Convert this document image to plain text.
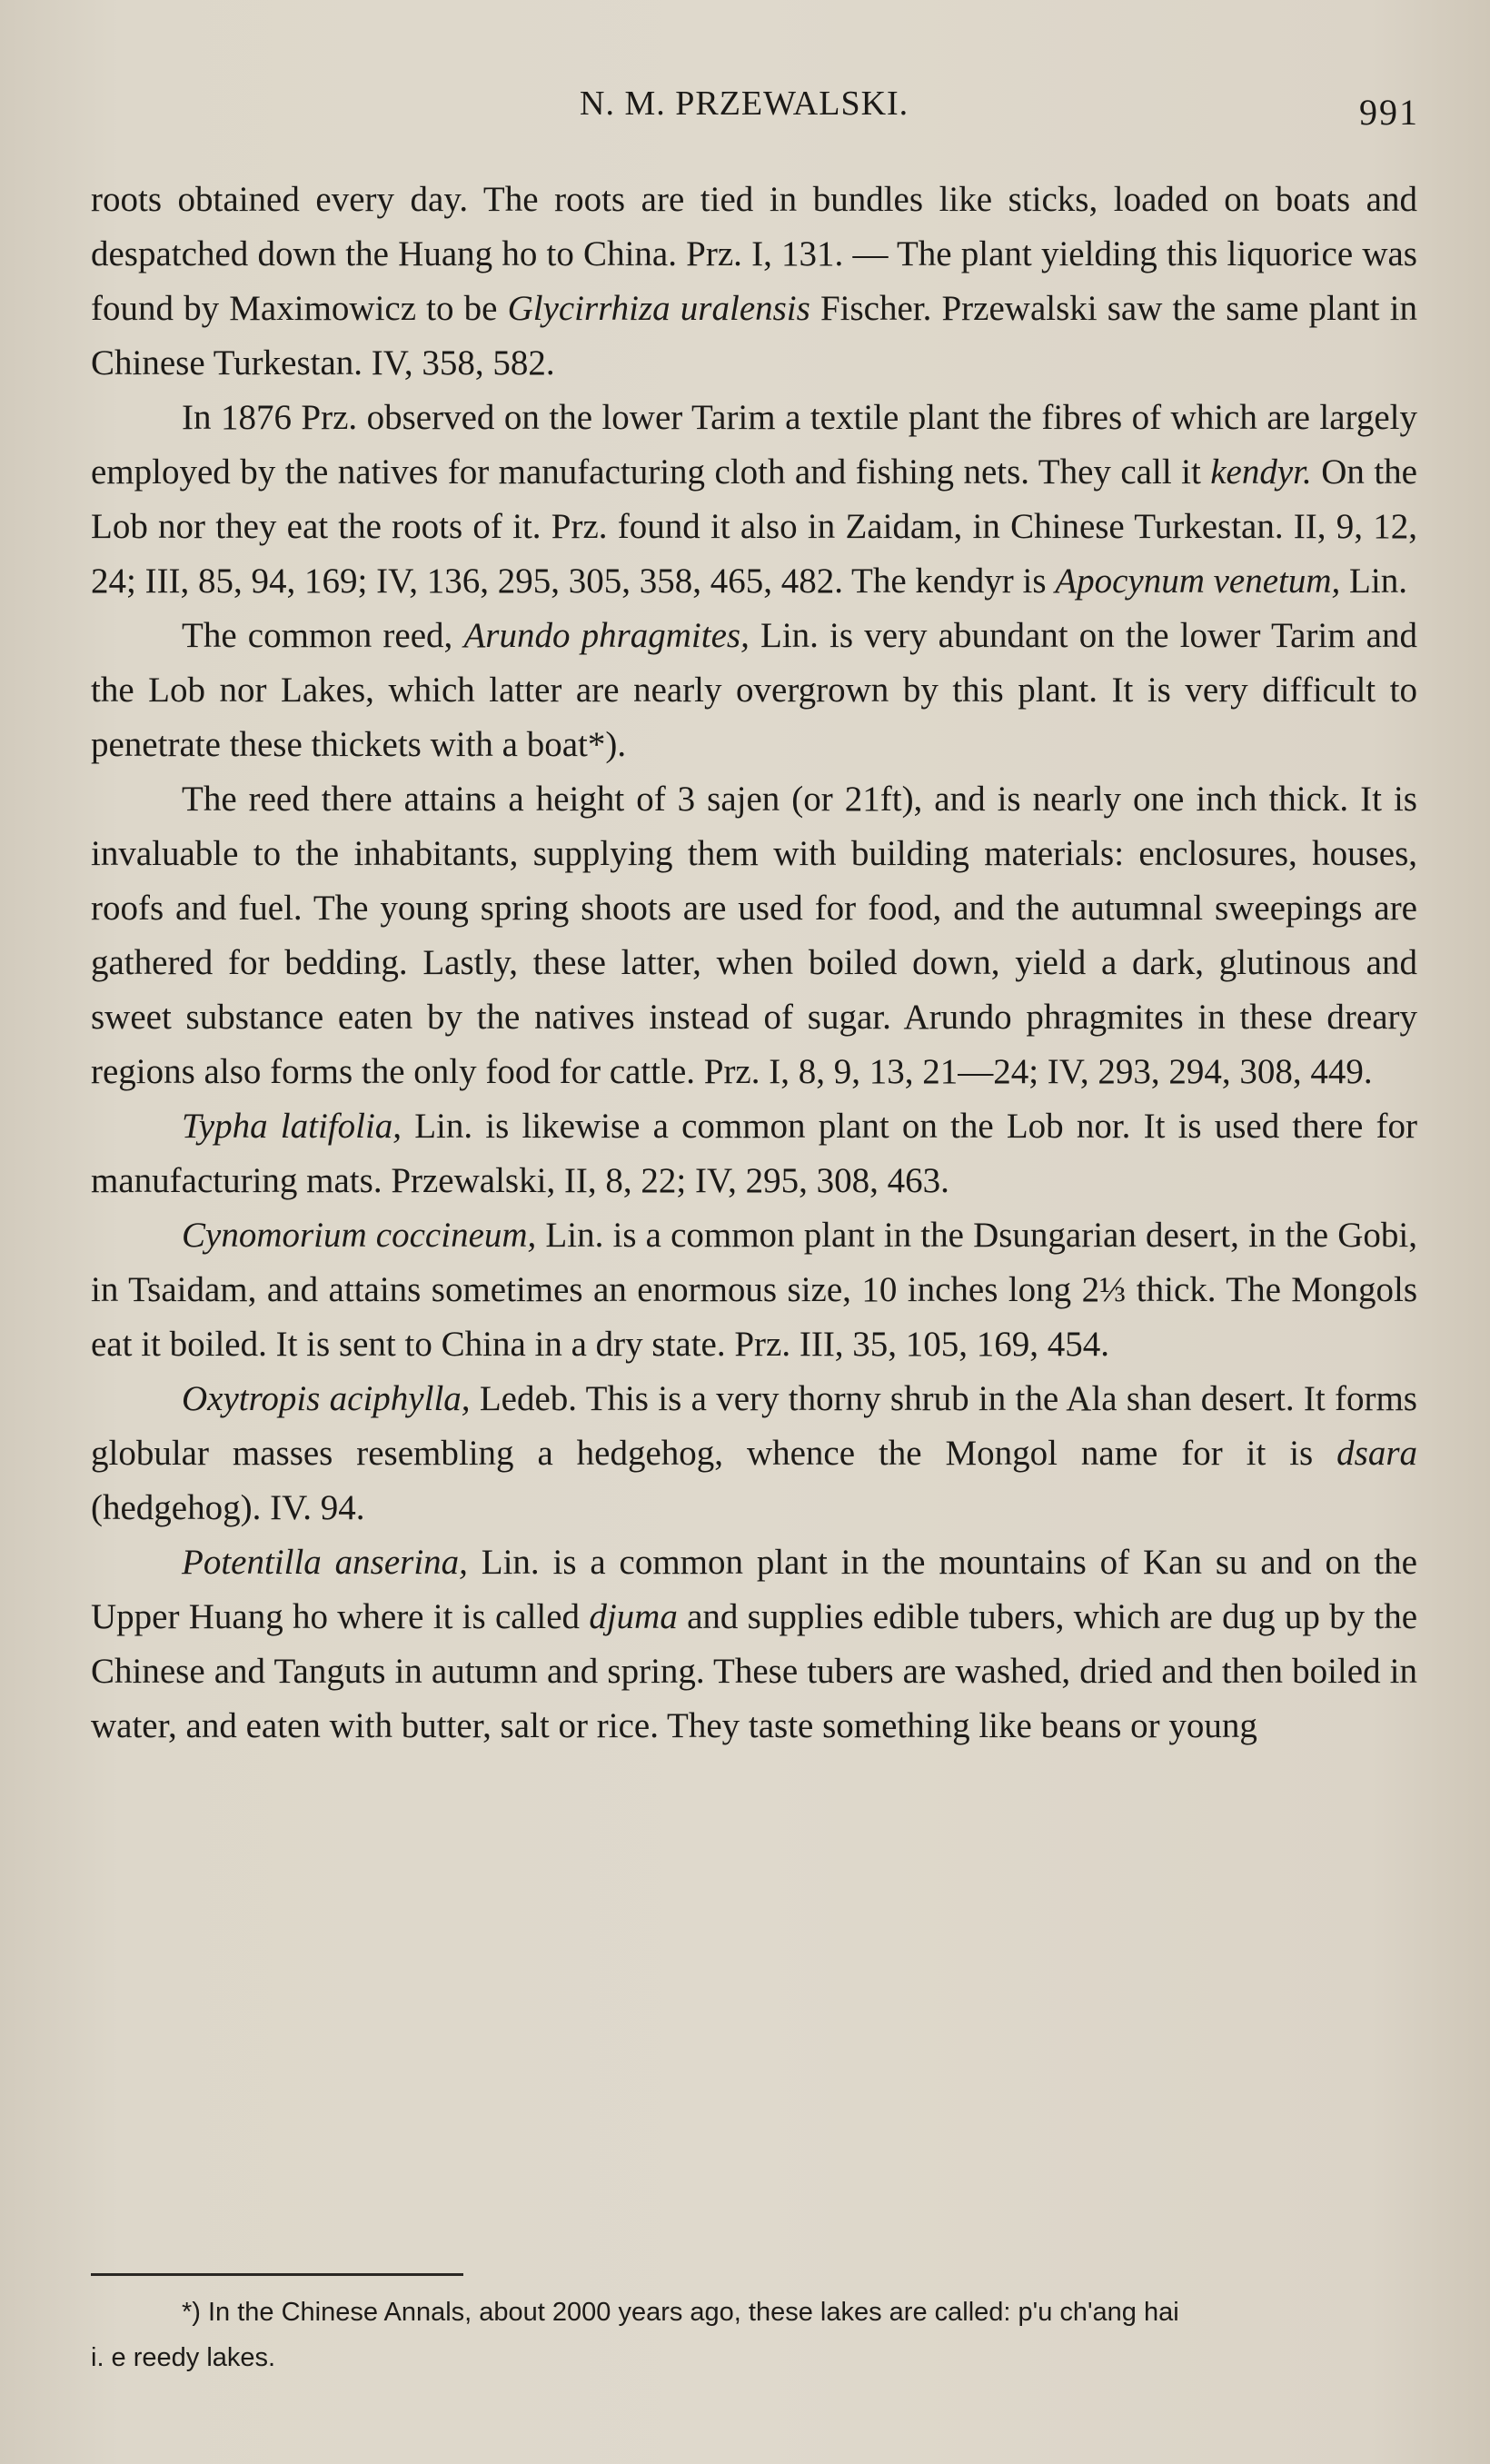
N. M. PRZEWALSKI.	991

roots obtained every day. The roots are tied in bundles like sticks, loaded on boats and despatched down the Huang ho to China. Prz. I, 131. — The plant yielding this liquorice was found by Maximowicz to be Glycirrhiza uralensis Fischer. Przewalski saw the same plant in Chinese Turkestan. IV, 358, 582.

In 1876 Prz. observed on the lower Tarim a textile plant the fibres of which are largely employed by the natives for manufacturing cloth and fishing nets. They call it kendyr. On the Lob nor they eat the roots of it. Prz. found it also in Zaidam, in Chinese Turkestan. II, 9, 12, 24; III, 85, 94, 169; IV, 136, 295, 305, 358, 465, 482. The kendyr is Apocynum venetum, Lin.

The common reed, Arundo phragmites, Lin. is very abundant on the lower Tarim and the Lob nor Lakes, which latter are nearly overgrown by this plant. It is very difficult to penetrate these thickets with a boat*).

The reed there attains a height of 3 sajen (or 21ft), and is nearly one inch thick. It is invaluable to the inhabitants, supplying them with building materials: enclosures, houses, roofs and fuel. The young spring shoots are used for food, and the autumnal sweepings are gathered for bedding. Lastly, these latter, when boiled down, yield a dark, glutinous and sweet substance eaten by the natives instead of sugar. Arundo phragmites in these dreary regions also forms the only food for cattle. Prz. I, 8, 9, 13, 21—24; IV, 293, 294, 308, 449.

Typha latifolia, Lin. is likewise a common plant on the Lob nor. It is used there for manufacturing mats. Przewalski, II, 8, 22; IV, 295, 308, 463.

Cynomorium coccineum, Lin. is a common plant in the Dsungarian desert, in the Gobi, in Tsaidam, and attains sometimes an enormous size, 10 inches long 2⅓ thick. The Mongols eat it boiled. It is sent to China in a dry state. Prz. III, 35, 105, 169, 454.

Oxytropis aciphylla, Ledeb. This is a very thorny shrub in the Ala shan desert. It forms globular masses resembling a hedgehog, whence the Mongol name for it is dsara (hedgehog). IV. 94.

Potentilla anserina, Lin. is a common plant in the mountains of Kan su and on the Upper Huang ho where it is called djuma and supplies edible tubers, which are dug up by the Chinese and Tanguts in autumn and spring. These tubers are washed, dried and then boiled in water, and eaten with butter, salt or rice. They taste something like beans or young

*) In the Chinese Annals, about 2000 years ago, these lakes are called: p'u ch'ang hai
i. e reedy lakes.
